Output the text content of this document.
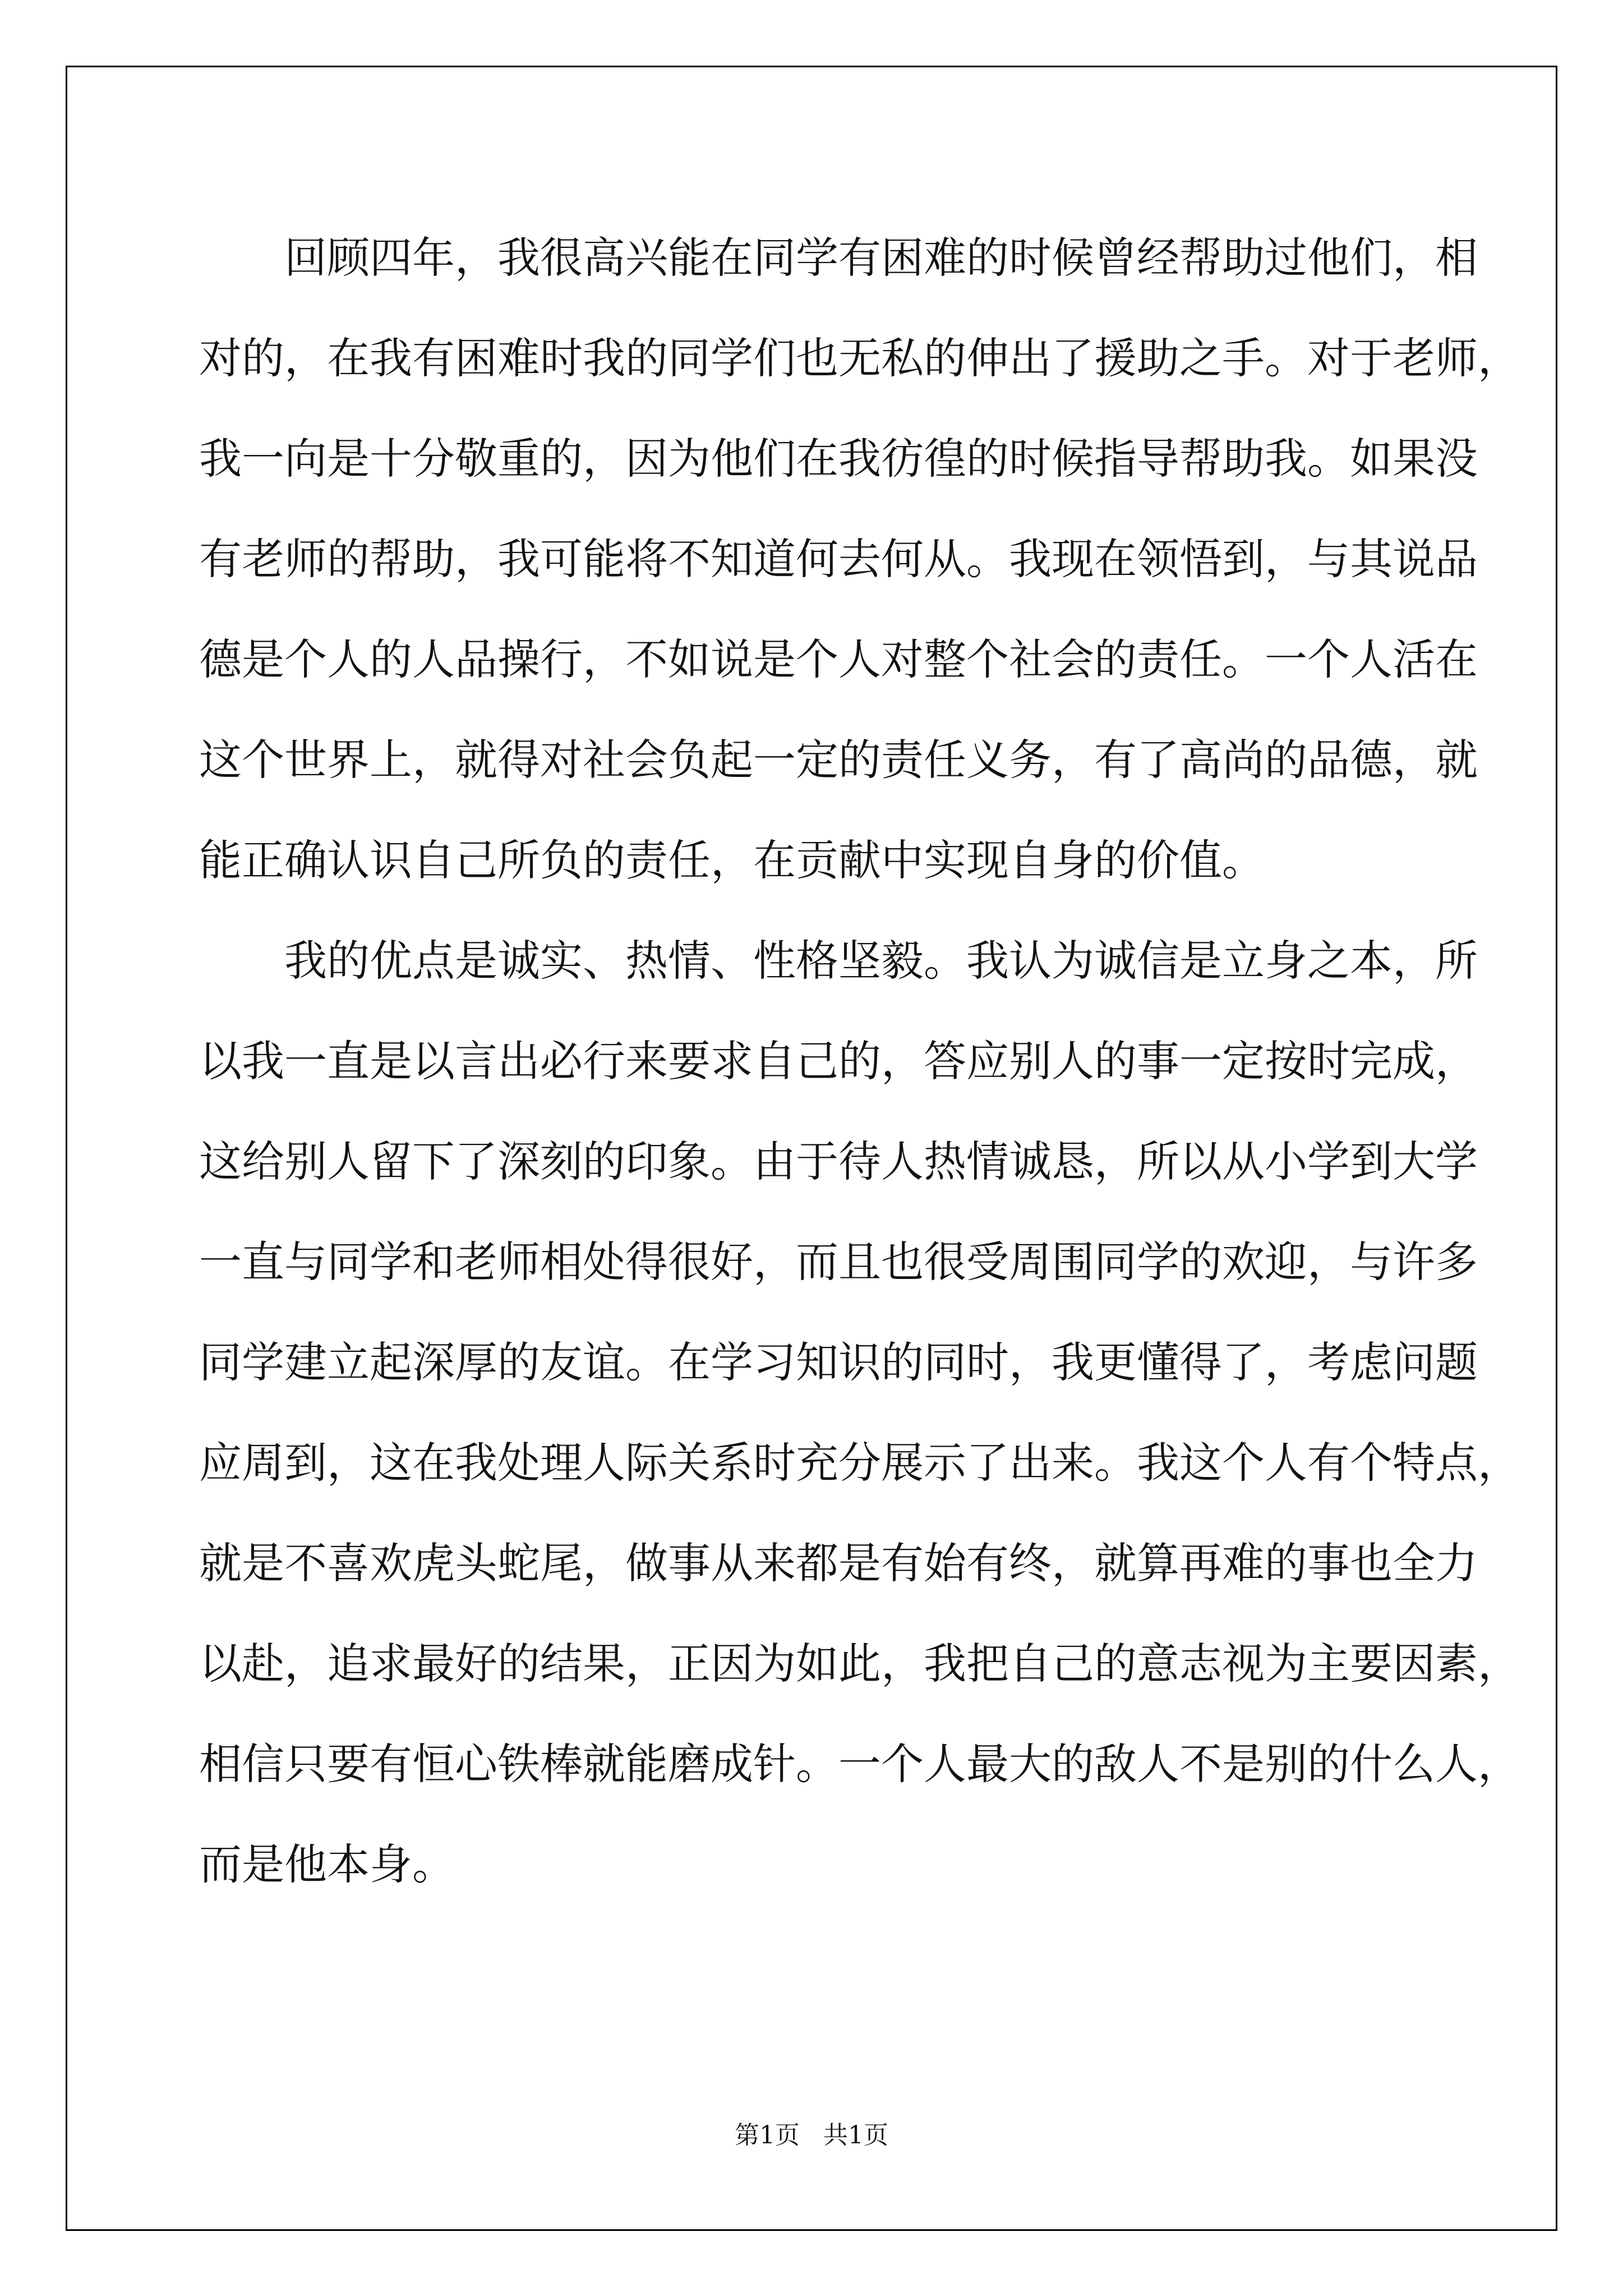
　　回顾四年，我很高兴能在同学有困难的时候曾经帮助过他们，相
对的，在我有困难时我的同学们也无私的伸出了援助之手。对于老师，
我一向是十分敬重的，因为他们在我彷徨的时候指导帮助我。如果没
有老师的帮助，我可能将不知道何去何从。我现在领悟到，与其说品
德是个人的人品操行，不如说是个人对整个社会的责任。一个人活在
这个世界上，就得对社会负起一定的责任义务，有了高尚的品德，就
能正确认识自己所负的责任，在贡献中实现自身的价值。
　　我的优点是诚实、热情、性格坚毅。我认为诚信是立身之本，所
以我一直是以言出必行来要求自己的，答应别人的事一定按时完成，
这给别人留下了深刻的印象。由于待人热情诚恳，所以从小学到大学
一直与同学和老师相处得很好，而且也很受周围同学的欢迎，与许多
同学建立起深厚的友谊。在学习知识的同时，我更懂得了，考虑问题
应周到，这在我处理人际关系时充分展示了出来。我这个人有个特点，
就是不喜欢虎头蛇尾，做事从来都是有始有终，就算再难的事也全力
以赴，追求最好的结果，正因为如此，我把自己的意志视为主要因素，
相信只要有恒心铁棒就能磨成针。一个人最大的敌人不是别的什么人，
而是他本身。
第1页   共1页
